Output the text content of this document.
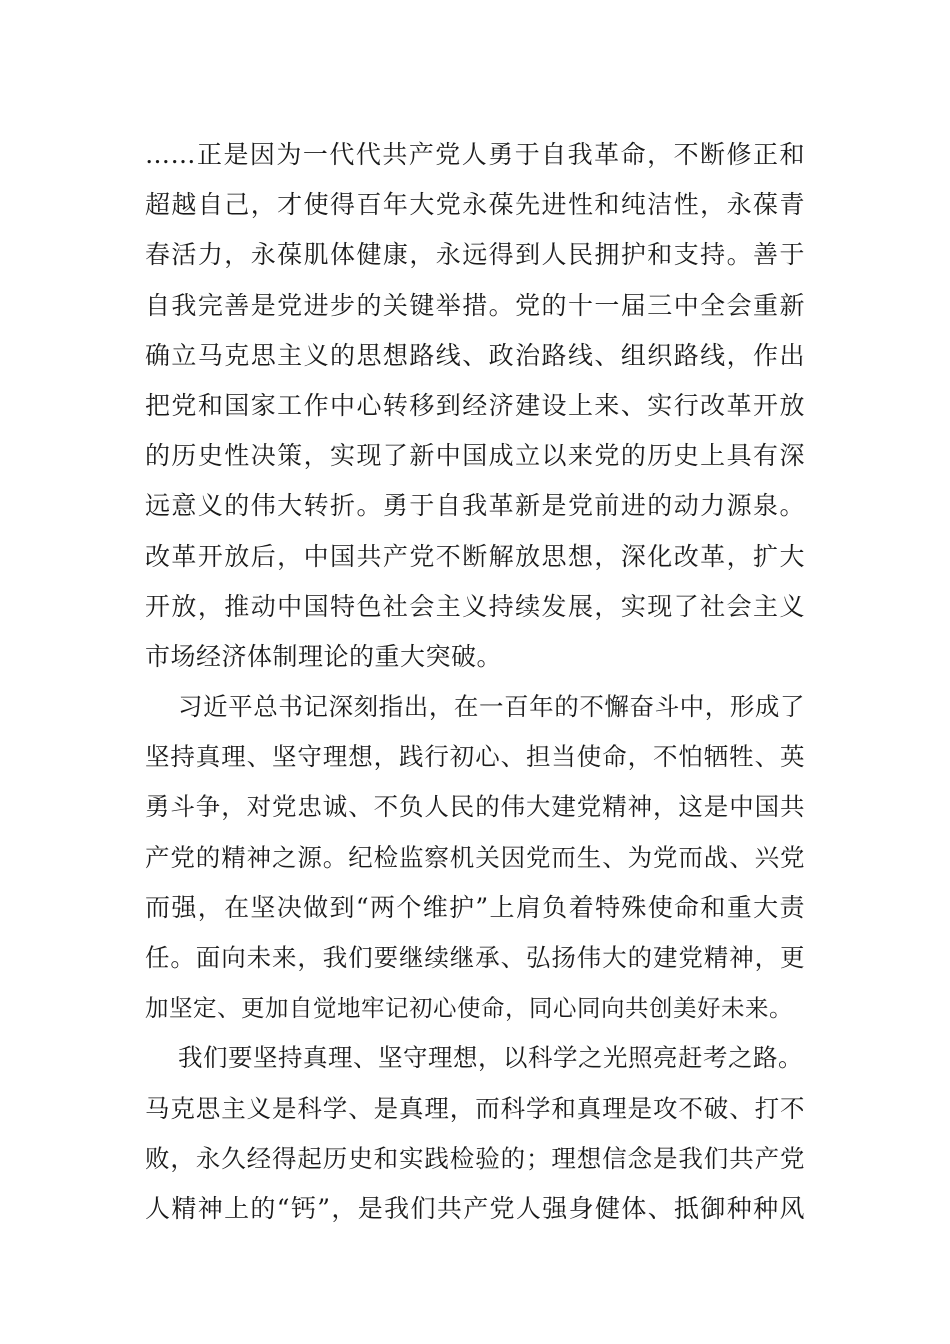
……正是因为一代代共产党人勇于自我革命，不断修正和
超越自己，才使得百年大党永葆先进性和纯洁性，永葆青
春活力，永葆肌体健康，永远得到人民拥护和支持。善于
自我完善是党进步的关键举措。党的十一届三中全会重新
确立马克思主义的思想路线、政治路线、组织路线，作出
把党和国家工作中心转移到经济建设上来、实行改革开放
的历史性决策，实现了新中国成立以来党的历史上具有深
远意义的伟大转折。勇于自我革新是党前进的动力源泉。
改革开放后，中国共产党不断解放思想，深化改革，扩大
开放，推动中国特色社会主义持续发展，实现了社会主义
市场经济体制理论的重大突破。
习近平总书记深刻指出，在一百年的不懈奋斗中，形成了
坚持真理、坚守理想，践行初心、担当使命，不怕牺牲、英
勇斗争，对党忠诚、不负人民的伟大建党精神，这是中国共
产党的精神之源。纪检监察机关因党而生、为党而战、兴党
而强，在坚决做到“两个维护”上肩负着特殊使命和重大责
任。面向未来，我们要继续继承、弘扬伟大的建党精神，更
加坚定、更加自觉地牢记初心使命，同心同向共创美好未来。
我们要坚持真理、坚守理想，以科学之光照亮赶考之路。
马克思主义是科学、是真理，而科学和真理是攻不破、打不
败，永久经得起历史和实践检验的；理想信念是我们共产党
人精神上的“钙”，是我们共产党人强身健体、抵御种种风
